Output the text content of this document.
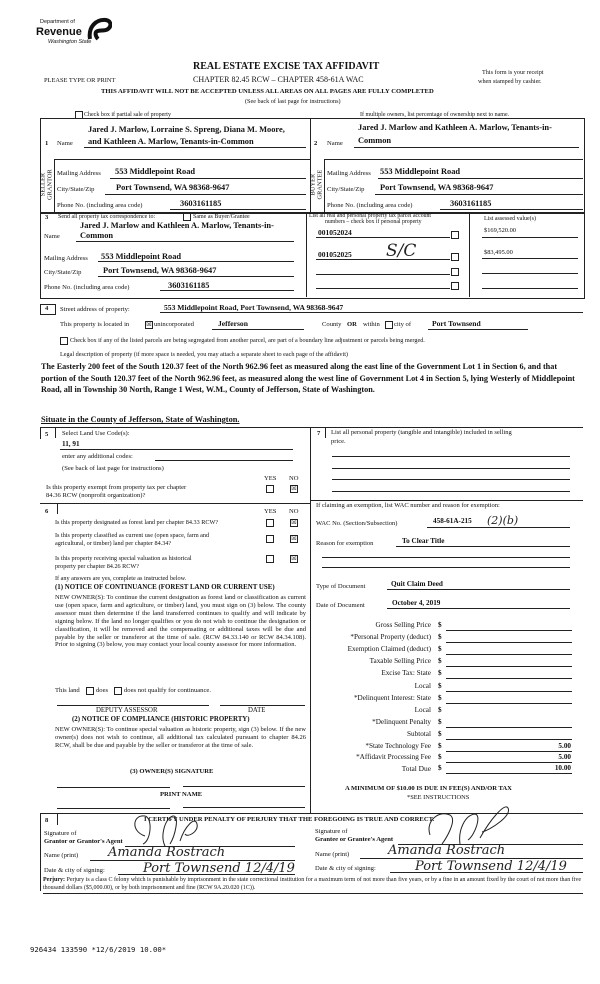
Department of
Revenue
Washington State
REAL ESTATE EXCISE TAX AFFIDAVIT
PLEASE TYPE OR PRINT	CHAPTER 82.45 RCW – CHAPTER 458-61A WAC
This form is your receipt
when stamped by cashier.
THIS AFFIDAVIT WILL NOT BE ACCEPTED UNLESS ALL AREAS ON ALL PAGES ARE FULLY COMPLETED
(See back of last page for instructions)
Check box if partial sale of property	If multiple owners, list percentage of ownership next to name.
1 Name
Jared J. Marlow, Lorraine S. Spreng, Diana M. Moore,
and Kathleen A. Marlow, Tenants-in-Common
SELLER
GRANTOR Mailing Address 553 Middlepoint Road
City/State/Zip	Port Townsend, WA 98368-9647
Phone No. (including area code)	3603161185
2 Name
Jared J. Marlow and Kathleen A. Marlow, Tenants-in-
Common
BUYER
GRANTEE Mailing Address 553 Middlepoint Road
City/State/Zip Port Townsend, WA 98368-9647
Phone No. (including area code)	3603161185
3 Send all property tax correspondence to:	Same as Buyer/Grantee
Jared J. Marlow and Kathleen A. Marlow, Tenants-in-
Name Common
Mailing Address 553 Middlepoint Road
City/State/Zip	Port Townsend, WA 98368-9647
Phone No. (including area code)	3603161185
List all real and personal property tax parcel account
numbers – check box if personal property	List assessed value(s)
001052024	$169,520.00
001052025	$83,495.00
S/C
4 Street address of property:	553 Middlepoint Road, Port Townsend, WA 98368-9647
This property is located in	☒ unincorporated	Jefferson	County OR within city of	Port Townsend
Check box if any of the listed parcels are being segregated from another parcel, are part of a boundary line adjustment or parcels being merged.
Legal description of property (if more space is needed, you may attach a separate sheet to each page of the affidavit)
The Easterly 200 feet of the South 120.37 feet of the North 962.96 feet as measured along the east line of the Government Lot 1 in Section 6, and that portion of the South 120.37 feet of the North 962.96 feet, as measured along the west line of Government Lot 4 in Section 5, lying Westerly of Middlepoint Road, all in Township 30 North, Range 1 West, W.M., County of Jefferson, State of Washington.
Situate in the County of Jefferson, State of Washington.
5 Select Land Use Code(s):
11, 91
enter any additional codes:
(See back of last page for instructions)
YES NO
Is this property exempt from property tax per chapter
84.36 RCW (nonprofit organization)?
☒
6	YES NO
Is this property designated as forest land per chapter 84.33 RCW?	☒
Is this property classified as current use (open space, farm and
agricultural, or timber) land per chapter 84.34?
☒
Is this property receiving special valuation as historical
property per chapter 84.26 RCW?
☒
If any answers are yes, complete as instructed below.
(1) NOTICE OF CONTINUANCE (FOREST LAND OR CURRENT USE)
NEW OWNER(S): To continue the current designation as forest land or classification as current use (open space, farm and agriculture, or timber) land, you must sign on (3) below. The county assessor must then determine if the land transferred continues to qualify and will indicate by signing below. If the land no longer qualifies or you do not wish to continue the designation or classification, it will be removed and the compensating or additional taxes will be due and payable by the seller or transferor at the time of sale. (RCW 84.33.140 or RCW 84.34.108). Prior to signing (3) below, you may contact your local county assessor for more information.
This land does does not qualify for continuance.
DEPUTY ASSESSOR	DATE
(2) NOTICE OF COMPLIANCE (HISTORIC PROPERTY)
NEW OWNER(S): To continue special valuation as historic property, sign (3) below. If the new owner(s) does not wish to continue, all additional tax calculated pursuant to chapter 84.26 RCW, shall be due and payable by the seller or transferor at the time of sale.
(3) OWNER(S) SIGNATURE
PRINT NAME
7 List all personal property (tangible and intangible) included in selling
price.
If claiming an exemption, list WAC number and reason for exemption:
WAC No. (Section/Subsection)	458-61A-215 (2)(b)
Reason for exemption	To Clear Title
Type of Document	Quit Claim Deed
Date of Document	October 4, 2019
Gross Selling Price $
*Personal Property (deduct) $
Exemption Claimed (deduct) $
Taxable Selling Price $
Excise Tax: State $
Local $
*Delinquent Interest: State $
Local $
*Delinquent Penalty $
Subtotal $
*State Technology Fee $	5.00
*Affidavit Processing Fee $	5.00
Total Due $	10.00
A MINIMUM OF $10.00 IS DUE IN FEE(S) AND/OR TAX
*SEE INSTRUCTIONS
8	I CERTIFY UNDER PENALTY OF PERJURY THAT THE FOREGOING IS TRUE AND CORRECT.
Signature of
Grantor or Grantor's Agent
Name (print) Amanda Rostrach
Date & city of signing:	Port Townsend 12/4/19
Signature of
Grantee or Grantee's Agent
Name (print)	Amanda Rostrach
Date & city of signing:	Port Townsend 12/4/19
Perjury: Perjury is a class C felony which is punishable by imprisonment in the state correctional institution for a maximum term of not more than five years, or by a fine in an amount fixed by the court of not more than five thousand dollars ($5,000.00), or by both imprisonment and fine (RCW 9A.20.020 (1C)).
926434 133590 *12/6/2019 10.00*
